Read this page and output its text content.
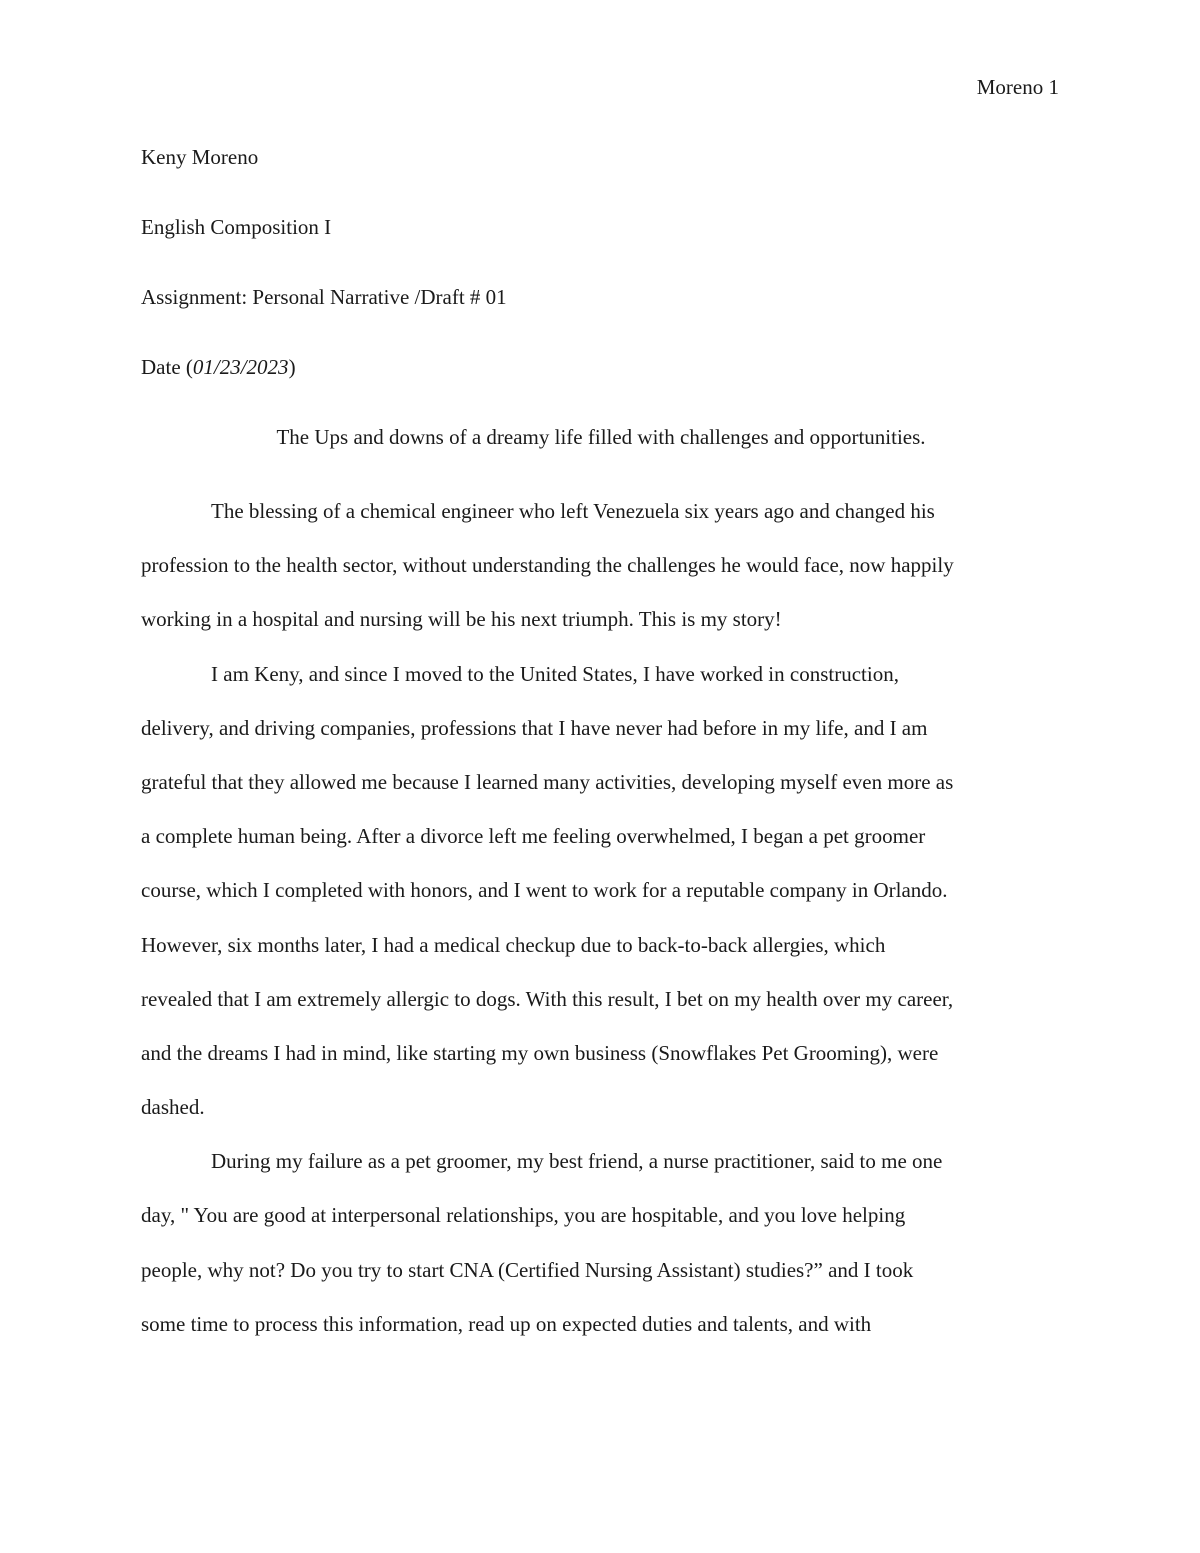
Moreno 1
Keny Moreno
English Composition I
Assignment: Personal Narrative /Draft # 01
Date (01/23/2023)
The Ups and downs of a dreamy life filled with challenges and opportunities.
The blessing of a chemical engineer who left Venezuela six years ago and changed his
profession to the health sector, without understanding the challenges he would face, now happily
working in a hospital and nursing will be his next triumph. This is my story!
I am Keny, and since I moved to the United States, I have worked in construction,
delivery, and driving companies, professions that I have never had before in my life, and I am
grateful that they allowed me because I learned many activities, developing myself even more as
a complete human being. After a divorce left me feeling overwhelmed, I began a pet groomer
course, which I completed with honors, and I went to work for a reputable company in Orlando.
However, six months later, I had a medical checkup due to back-to-back allergies, which
revealed that I am extremely allergic to dogs. With this result, I bet on my health over my career,
and the dreams I had in mind, like starting my own business (Snowflakes Pet Grooming), were
dashed.
During my failure as a pet groomer, my best friend, a nurse practitioner, said to me one
day, " You are good at interpersonal relationships, you are hospitable, and you love helping
people, why not? Do you try to start CNA (Certified Nursing Assistant) studies?” and I took
some time to process this information, read up on expected duties and talents, and with
